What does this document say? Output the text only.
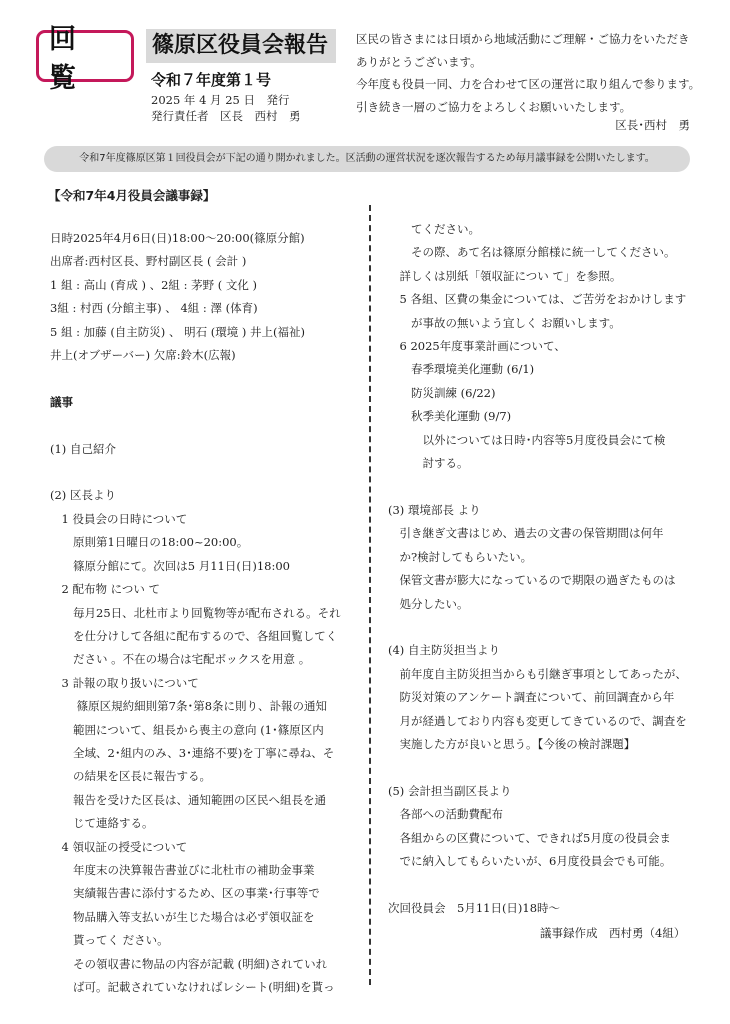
回 覧
篠原区役員会報告
令和７年度第１号
2025 年 4 月 25 日　発行
発行責任者　区長　西村　勇
区民の皆さまには日頃から地域活動にご理解・ご協力をいただき
ありがとうございます。
今年度も役員一同、力を合わせて区の運営に取り組んで参ります。
引き続き一層のご協力をよろしくお願いいたします。
区長･西村　勇
令和7年度篠原区第１回役員会が下記の通り開かれました。区活動の運営状況を逐次報告するため毎月議事録を公開いたします。
【令和7年4月役員会議事録】
日時2025年4月6日(日)18:00～20:00(篠原分館)
出席者:西村区長、野村副区長 ( 会計 )
1 組 : 高山 (育成 ) 、2組 : 茅野 ( 文化 )
3組 : 村西 (分館主事) 、 4組 : 澤 (体育)
5 組 : 加藤 (自主防災) 、 明石 (環境 ) 井上(福祉)
井上(オブザーバー) 欠席:鈴木(広報)

議事

(1) 自己紹介

(2) 区長より
　1 役員会の日時について
　　原則第1日曜日の18:00~20:00。
　　篠原分館にて。次回は5 月11日(日)18:00
　2 配布物 につい て
　　毎月25日、北杜市より回覧物等が配布される。それ
　　を仕分けして各組に配布するので、各組回覧してく
　　ださい 。不在の場合は宅配ボックスを用意 。
　3 訃報の取り扱いについて
　　 篠原区規約細則第7条･第8条に則り、訃報の通知
　　範囲について、組長から喪主の意向 (1･篠原区内
　　全域、2･組内のみ、3･連絡不要)を丁寧に尋ね、そ
　　の結果を区長に報告する。
　　報告を受けた区長は、通知範囲の区民へ組長を通
　　じて連絡する。
　4 領収証の授受について
　　年度末の決算報告書並びに北杜市の補助金事業
　　実績報告書に添付するため、区の事業･行事等で
　　物品購入等支払いが生じた場合は必ず領収証を
　　貰ってく ださい。
　　その領収書に物品の内容が記載 (明細)されていれ
　　ば可。記載されていなければレシート(明細)を貰っ
　　てください。
　　その際、あて名は篠原分館様に統一してください。
　詳しくは別紙「領収証につい て」を参照。
　5 各組、区費の集金については、ご苦労をおかけします
　　が事故の無いよう宜しく お願いします。
　6 2025年度事業計画について、
　　春季環境美化運動 (6/1)
　　防災訓練 (6/22)
　　秋季美化運動 (9/7)
　　　以外については日時･内容等5月度役員会にて検
　　　討する。

(3) 環境部長 より
　引き継ぎ文書はじめ、過去の文書の保管期間は何年
　か?検討してもらいたい。
　保管文書が膨大になっているので期限の過ぎたものは
　処分したい。

(4) 自主防災担当より
　前年度自主防災担当からも引継ぎ事項としてあったが、
　防災対策のアンケート調査について、前回調査から年
　月が経過しており内容も変更してきているので、調査を
　実施した方が良いと思う。【今後の検討課題】

(5) 会計担当副区長より
　各部への活動費配布
　各組からの区費について、できれば5月度の役員会ま
　でに納入してもらいたいが、6月度役員会でも可能。

次回役員会　5月11日(日)18時～
議事録作成　西村勇（4組）
